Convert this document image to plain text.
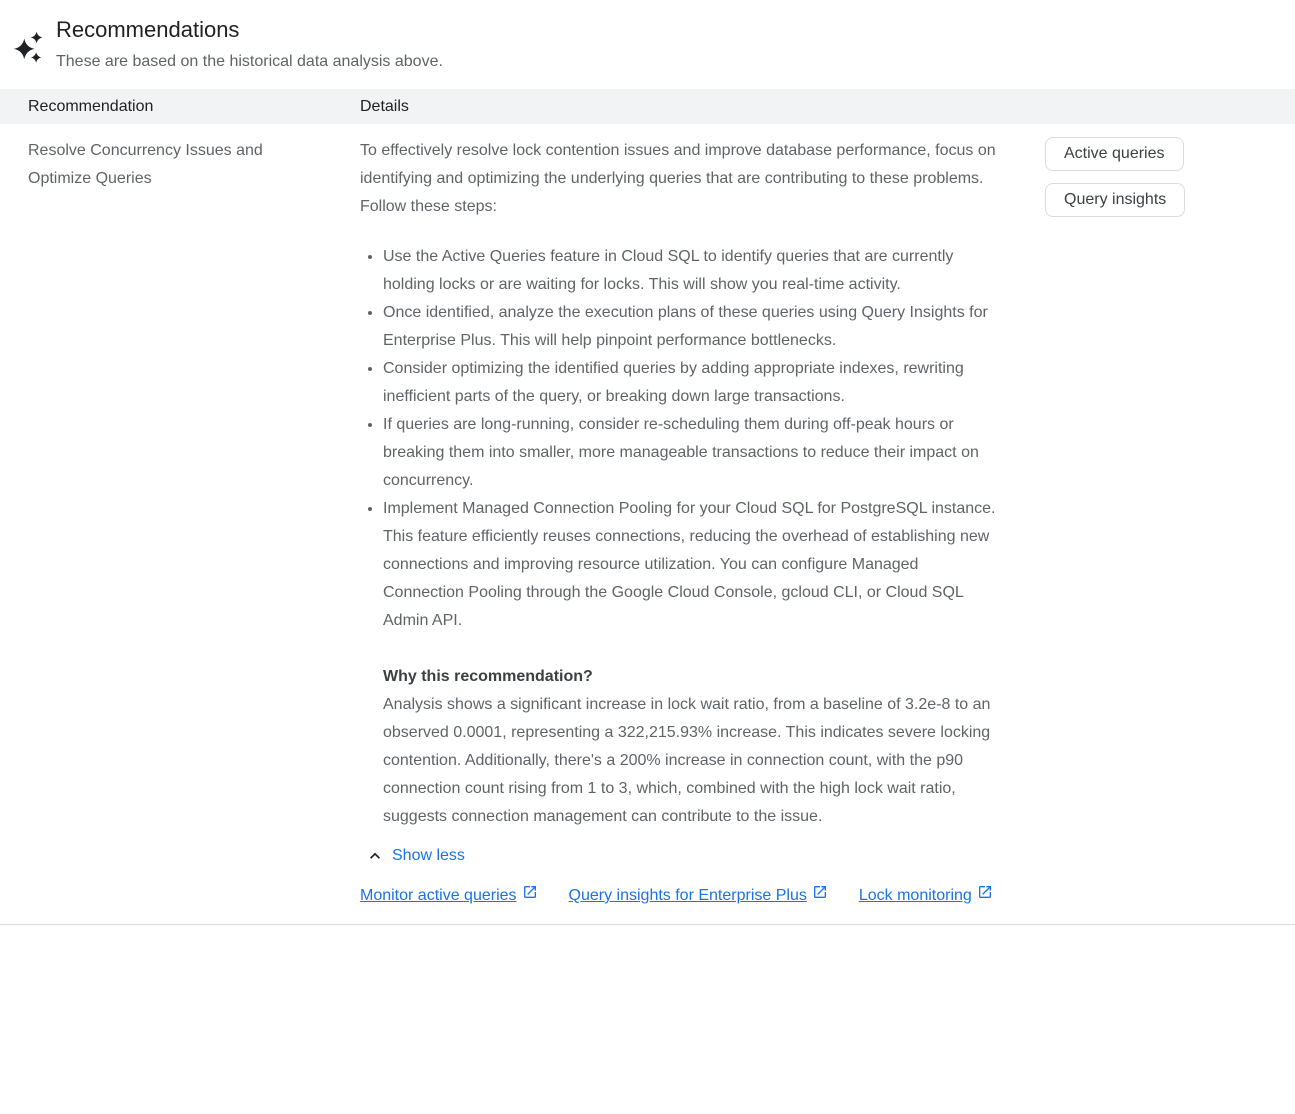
Recommendations
These are based on the historical data analysis above.
Recommendation	Details
Resolve Concurrency Issues and Optimize Queries
To effectively resolve lock contention issues and improve database performance, focus on identifying and optimizing the underlying queries that are contributing to these problems. Follow these steps:
• Use the Active Queries feature in Cloud SQL to identify queries that are currently holding locks or are waiting for locks. This will show you real-time activity.
• Once identified, analyze the execution plans of these queries using Query Insights for Enterprise Plus. This will help pinpoint performance bottlenecks.
• Consider optimizing the identified queries by adding appropriate indexes, rewriting inefficient parts of the query, or breaking down large transactions.
• If queries are long-running, consider re-scheduling them during off-peak hours or breaking them into smaller, more manageable transactions to reduce their impact on concurrency.
• Implement Managed Connection Pooling for your Cloud SQL for PostgreSQL instance. This feature efficiently reuses connections, reducing the overhead of establishing new connections and improving resource utilization. You can configure Managed Connection Pooling through the Google Cloud Console, gcloud CLI, or Cloud SQL Admin API.
Why this recommendation?
Analysis shows a significant increase in lock wait ratio, from a baseline of 3.2e-8 to an observed 0.0001, representing a 322,215.93% increase. This indicates severe locking contention. Additionally, there's a 200% increase in connection count, with the p90 connection count rising from 1 to 3, which, combined with the high lock wait ratio, suggests connection management can contribute to the issue.
Show less
Monitor active queries	Query insights for Enterprise Plus	Lock monitoring
Active queries
Query insights
